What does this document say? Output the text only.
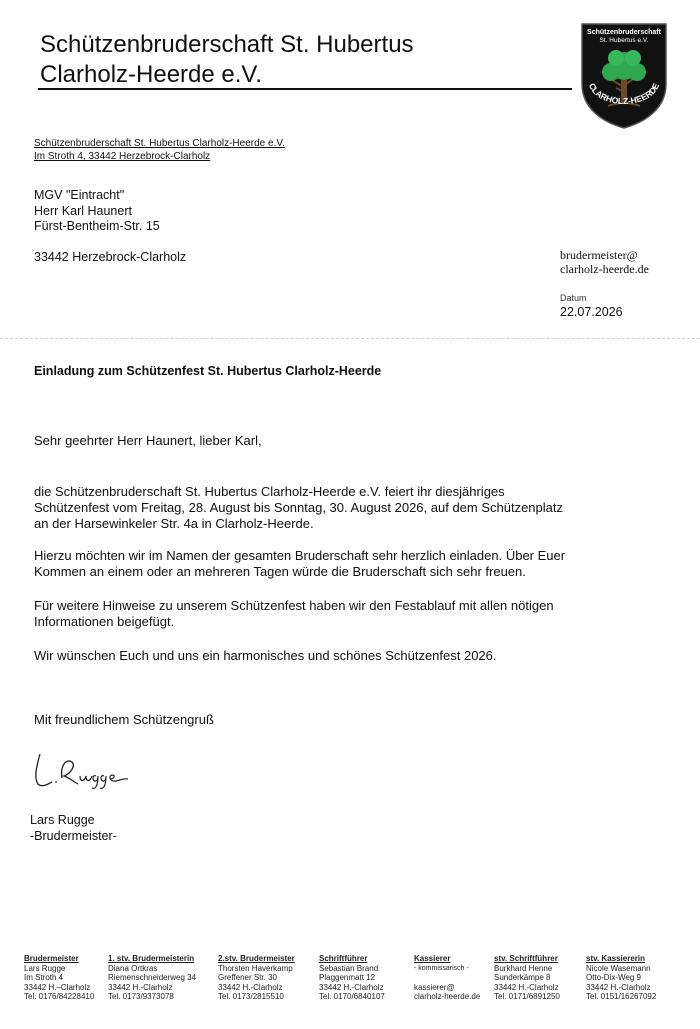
Schützenbruderschaft St. Hubertus
Clarholz-Heerde e.V.
Schützenbruderschaft
St. Hubertus e.V.
CLARHOLZ-HEERDE
Schützenbruderschaft St. Hubertus Clarholz-Heerde e.V.
Im Stroth 4, 33442 Herzebrock-Clarholz
MGV "Eintracht"
Herr Karl Haunert
Fürst-Bentheim-Str. 15
33442 Herzebrock-Clarholz	brudermeister@
clarholz-heerde.de
Datum
22.07.2026
Einladung zum Schützenfest St. Hubertus Clarholz-Heerde
Sehr geehrter Herr Haunert, lieber Karl,
die Schützenbruderschaft St. Hubertus Clarholz-Heerde e.V. feiert ihr diesjähriges
Schützenfest vom Freitag, 28. August bis Sonntag, 30. August 2026, auf dem Schützenplatz
an der Harsewinkeler Str. 4a in Clarholz-Heerde.
Hierzu möchten wir im Namen der gesamten Bruderschaft sehr herzlich einladen. Über Euer
Kommen an einem oder an mehreren Tagen würde die Bruderschaft sich sehr freuen.
Für weitere Hinweise zu unserem Schützenfest haben wir den Festablauf mit allen nötigen
Informationen beigefügt.
Wir wünschen Euch und uns ein harmonisches und schönes Schützenfest 2026.
Mit freundlichem Schützengruß
Lars Rugge
-Brudermeister-
Brudermeister
Lars Rugge
Im Stroth 4
33442 H.–Clarholz
Tel. 0176/84228410
1. stv. Brudermeisterin
Diana Ortkras
Riemenschneiderweg 34
33442 H.-Clarholz
Tel. 0173/9373078
2.stv. Brudermeister
Thorsten Haverkamp
Greffener Str. 30
33442 H.-Clarholz
Tel. 0173/2815510
Schriftführer
Sebastian Brand
Plaggenmatt 12
33442 H.-Clarholz
Tel. 0170/6840107
Kassierer
- kommissarisch -

kassierer@
clarholz-heerde.de
stv. Schriftführer
Burkhard Henne
Sunderkämpe 8
33442 H.-Clarholz
Tel. 0171/6891250
stv. Kassiererin
Nicole Wasemann
Otto-Dix-Weg 9
33442 H.-Clarholz
Tel. 0151/16267092
